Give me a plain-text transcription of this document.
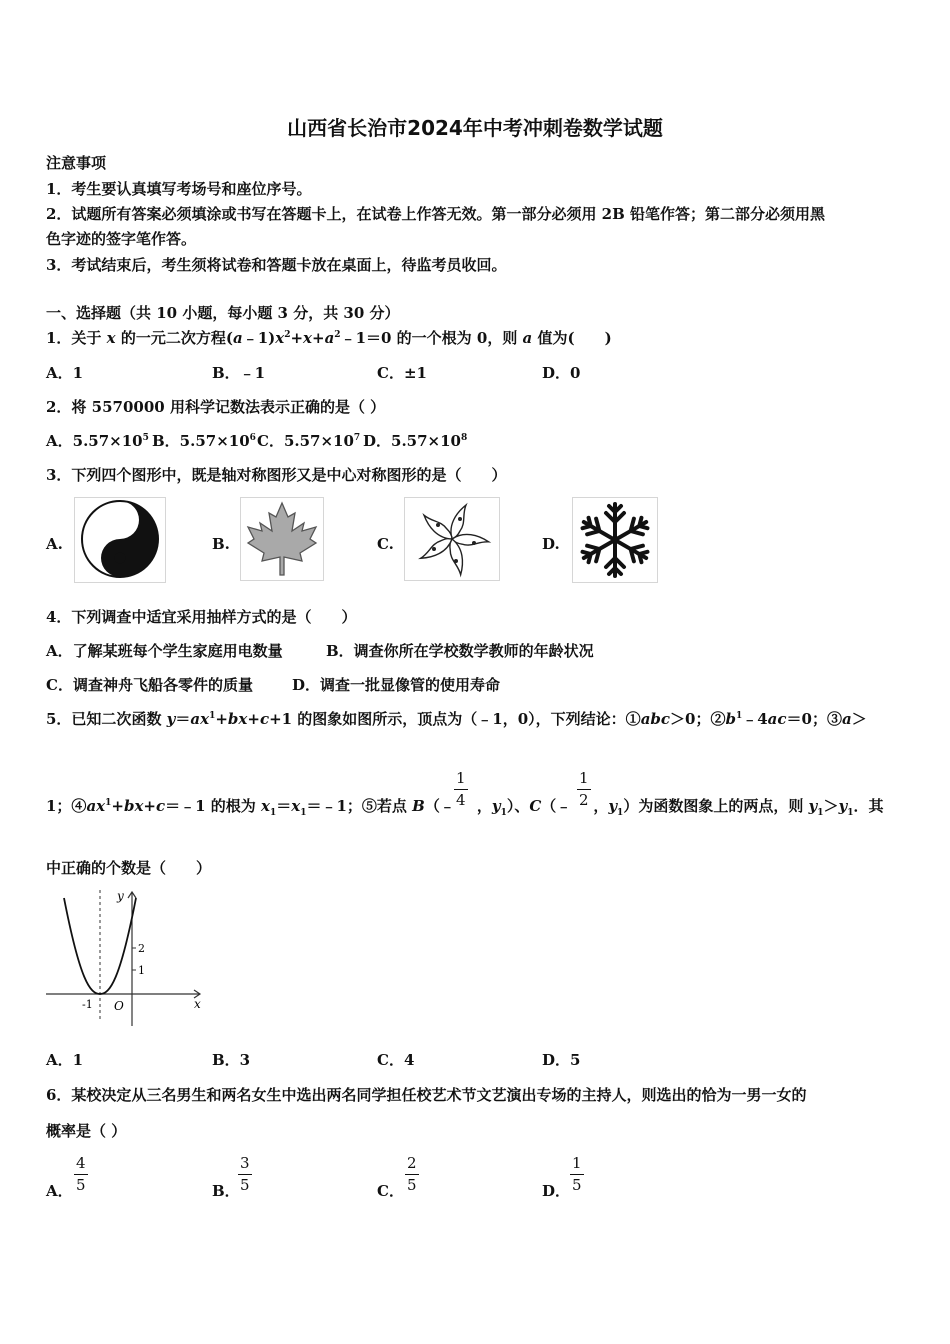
山西省长治市2024年中考冲刺卷数学试题
注意事项
1．考生要认真填写考场号和座位序号。
2．试题所有答案必须填涂或书写在答题卡上，在试卷上作答无效。第一部分必须用 2B 铅笔作答；第二部分必须用黑
色字迹的签字笔作答。
3．考试结束后，考生须将试卷和答题卡放在桌面上，待监考员收回。
一、选择题（共 10 小题，每小题 3 分，共 30 分）
1．关于 x 的一元二次方程$(a﹣1)x^2+x+a^2﹣1=0$ 的一个根为 0，则 a 值为(　　)
A．1	B．﹣1	C．±1	D．0
2．将 5570000 用科学记数法表示正确的是（ ）
A．$5.57\times 10^5$ B．$5.57\times 10^6$ C．$5.57\times 10^7$ D．$5.57\times 10^8$
3．下列四个图形中，既是轴对称图形又是中心对称图形的是（　　）
A.	B.	C.	D.
4．下列调查中适宜采用抽样方式的是（　　）
A．了解某班每个学生家庭用电数量	B．调查你所在学校数学教师的年龄状况
C．调查神舟飞船各零件的质量	D．调查一批显像管的使用寿命
5．已知二次函数 $y=ax^1+bx+c+1$ 的图象如图所示，顶点为（﹣1，0），下列结论：①abc＞0；$②b^1﹣4ac=0$；③a＞
1；$④ax^1+bx+c=﹣1$ 的根为 $x_1=x_1=﹣1$；⑤若点 B（﹣ ，$y_1$）、C（﹣ ，$y_1$）为函数图象上的两点，则 $y_1>y_1$．其
$\frac{1}{4}$	$\frac{1}{2}$
中正确的个数是（　　）
y
x
O
2
1
-1
A．1	B．3	C．4	D．5
6．某校决定从三名男生和两名女生中选出两名同学担任校艺术节文艺演出专场的主持人，则选出的恰为一男一女的
概率是（ ）
A． $\frac{4}{5}$	B．
$\frac{3}{5}$	C． $\frac{2}{5}$	D． $\frac{1}{5}$
